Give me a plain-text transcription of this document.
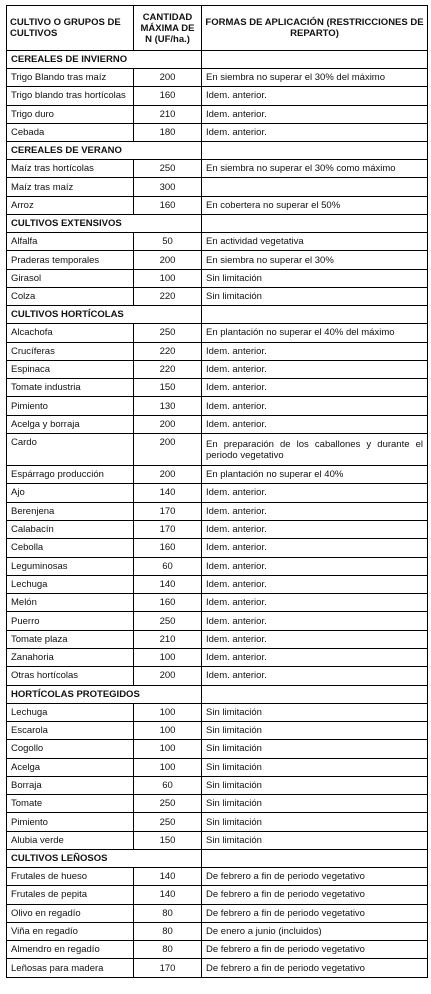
CULTIVO O GRUPOS DE CULTIVOS	CANTIDAD MÁXIMA DE N (UF/ha.)	FORMAS DE APLICACIÓN (RESTRICCIONES DE REPARTO)
CEREALES DE INVIERNO		
Trigo Blando tras maíz	200	En siembra no superar el 30% del máximo
Trigo blando tras hortícolas	160	Idem. anterior.
Trigo duro	210	Idem. anterior.
Cebada	180	Idem. anterior.
CEREALES DE VERANO		
Maíz tras hortícolas	250	En siembra no superar el 30% como máximo
Maíz tras maíz	300	
Arroz	160	En cobertera no superar el 50%
CULTIVOS EXTENSIVOS		
Alfalfa	50	En actividad vegetativa
Praderas temporales	200	En siembra no superar el 30%
Girasol	100	Sin limitación
Colza	220	Sin limitación
CULTIVOS HORTÍCOLAS		
Alcachofa	250	En plantación no superar el 40% del máximo
Crucíferas	220	Idem. anterior.
Espinaca	220	Idem. anterior.
Tomate industria	150	Idem. anterior.
Pimiento	130	Idem. anterior.
Acelga y borraja	200	Idem. anterior.
Cardo	200	En preparación de los caballones y durante el periodo vegetativo
Espárrago producción	200	En plantación no superar el 40%
Ajo	140	Idem. anterior.
Berenjena	170	Idem. anterior.
Calabacín	170	Idem. anterior.
Cebolla	160	Idem. anterior.
Leguminosas	60	Idem. anterior.
Lechuga	140	Idem. anterior.
Melón	160	Idem. anterior.
Puerro	250	Idem. anterior.
Tomate plaza	210	Idem. anterior.
Zanahoria	100	Idem. anterior.
Otras hortícolas	200	Idem. anterior.
HORTÍCOLAS PROTEGIDOS		
Lechuga	100	Sin limitación
Escarola	100	Sin limitación
Cogollo	100	Sin limitación
Acelga	100	Sin limitación
Borraja	60	Sin limitación
Tomate	250	Sin limitación
Pimiento	250	Sin limitación
Alubia verde	150	Sin limitación
CULTIVOS LEÑOSOS		
Frutales de hueso	140	De febrero a fin de periodo vegetativo
Frutales de pepita	140	De febrero a fin de periodo vegetativo
Olivo en regadío	80	De febrero a fin de periodo vegetativo
Viña en regadío	80	De enero a junio (incluidos)
Almendro en regadío	80	De febrero a fin de periodo vegetativo
Leñosas para madera	170	De febrero a fin de periodo vegetativo
